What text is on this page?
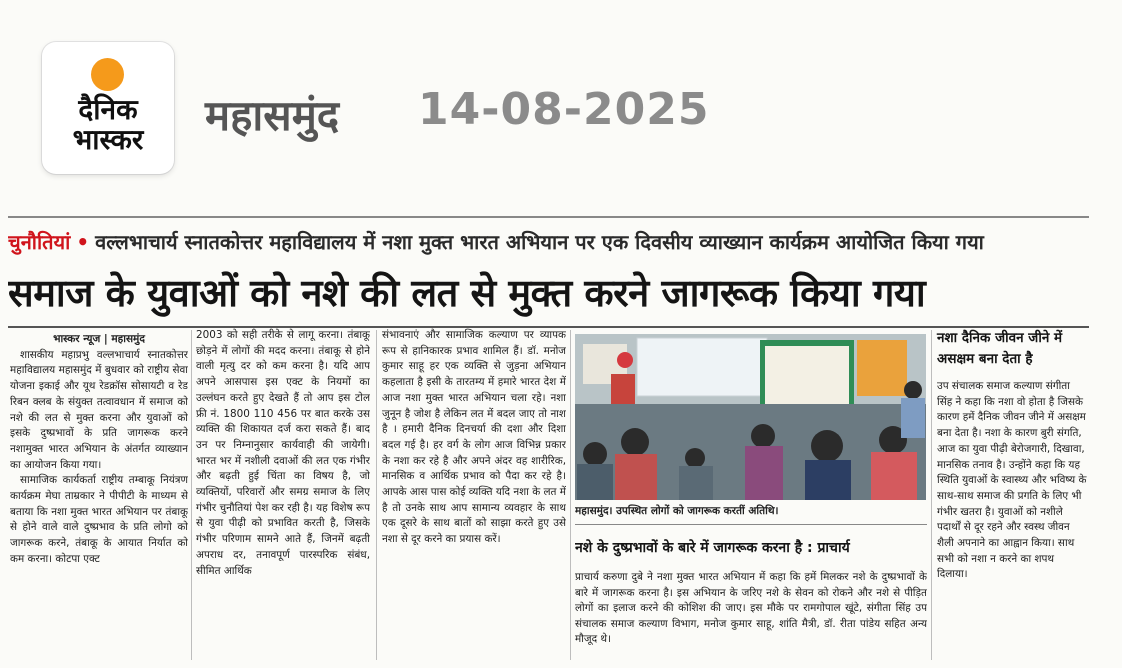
दैनिक
भास्कर	महासमुंद 14-08-2025
चुनौतियां • वल्लभाचार्य स्नातकोत्तर महाविद्यालय में नशा मुक्त भारत अभियान पर एक दिवसीय व्याख्यान कार्यक्रम आयोजित किया गया
समाज के युवाओं को नशे की लत से मुक्त करने जागरूक किया गया

भास्कर न्यूज | महासमुंद

शासकीय महाप्रभु वल्लभाचार्य स्नातकोत्तर महाविद्यालय महासमुंद में बुधवार को राष्ट्रीय सेवा योजना इकाई और यूथ रेडक्रॉस सोसायटी व रेड रिबन क्लब के संयुक्त तत्वावधान में समाज को नशे की लत से मुक्त करना और युवाओं को इसके दुष्प्रभावों के प्रति जागरूक करने नशामुक्त भारत अभियान के अंतर्गत व्याख्यान का आयोजन किया गया।

सामाजिक कार्यकर्ता राष्ट्रीय तम्बाकू नियंत्रण कार्यक्रम मेघा ताम्रकार ने पीपीटी के माध्यम से बताया कि नशा मुक्त भारत अभियान पर तंबाकू से होने वाले वाले दुष्प्रभाव के प्रति लोगो को जागरूक करने, तंबाकू के आयात निर्यात को कम करना। कोटपा एक्ट

2003 को सही तरीके से लागू करना। तंबाकू छोड़ने में लोगों की मदद करना। तंबाकू से होने वाली मृत्यु दर को कम करना है। यदि आप अपने आसपास इस एक्ट के नियमों का उल्लंघन करते हुए देखते हैं तो आप इस टोल फ्री नं. 1800 110 456 पर बात करके उस व्यक्ति की शिकायत दर्ज करा सकते हैं। बाद उन पर निम्नानुसार कार्यवाही की जायेगी। भारत भर में नशीली दवाओं की लत एक गंभीर और बढ़ती हुई चिंता का विषय है, जो व्यक्तियों, परिवारों और समग्र समाज के लिए गंभीर चुनौतियां पेश कर रही है। यह विशेष रूप से युवा पीढ़ी को प्रभावित करती है, जिसके गंभीर परिणाम सामने आते हैं, जिनमें बढ़ती अपराध दर, तनावपूर्ण पारस्परिक संबंध, सीमित आर्थिक

संभावनाएं और सामाजिक कल्याण पर व्यापक रूप से हानिकारक प्रभाव शामिल हैं। डॉ. मनोज कुमार साहू हर एक व्यक्ति से जुड़ना अभियान कहलाता है इसी के तारतम्य में हमारे भारत देश में आज नशा मुक्त भारत अभियान चला रहे। नशा जुनून है जोश है लेकिन लत में बदल जाए तो नाश है । हमारी दैनिक दिनचर्या की दशा और दिशा बदल गई है। हर वर्ग के लोग आज विभिन्न प्रकार के नशा कर रहे है और अपने अंदर वह शारीरिक, मानसिक व आर्थिक प्रभाव को पैदा कर रहे है। आपके आस पास कोई व्यक्ति यदि नशा के लत में है तो उनके साथ आप सामान्य व्यवहार के साथ एक दूसरे के साथ बातों को साझा करते हुए उसे नशा से दूर करने का प्रयास करें।

महासमुंद। उपस्थित लोगों को जागरूक करतीं अतिथि।
नशे के दुष्प्रभावों के बारे में जागरूक करना है : प्राचार्य
प्राचार्य करुणा दुबे ने नशा मुक्त भारत अभियान में कहा कि हमें मिलकर नशे के दुष्प्रभावों के बारे में जागरूक करना है। इस अभियान के जरिए नशे के सेवन को रोकने और नशे से पीड़ित लोगों का इलाज करने की कोशिश की जाए। इस मौके पर रामगोपाल खूंटे, संगीता सिंह उप संचालक समाज कल्याण विभाग, मनोज कुमार साहू, शांति मैत्री, डॉ. रीता पांडेय सहित अन्य मौजूद थे।
नशा दैनिक जीवन जीने में असक्षम बना देता है
उप संचालक समाज कल्याण संगीता सिंह ने कहा कि नशा वो होता है जिसके कारण हमें दैनिक जीवन जीने में असक्षम बना देता है। नशा के कारण बुरी संगति, आज का युवा पीढ़ी बेरोजगारी, दिखावा, मानसिक तनाव है। उन्होंने कहा कि यह स्थिति युवाओं के स्वास्थ्य और भविष्य के साथ-साथ समाज की प्रगति के लिए भी गंभीर खतरा है। युवाओं को नशीले पदार्थों से दूर रहने और स्वस्थ जीवन शैली अपनाने का आह्वान किया। साथ सभी को नशा न करने का शपथ दिलाया।
